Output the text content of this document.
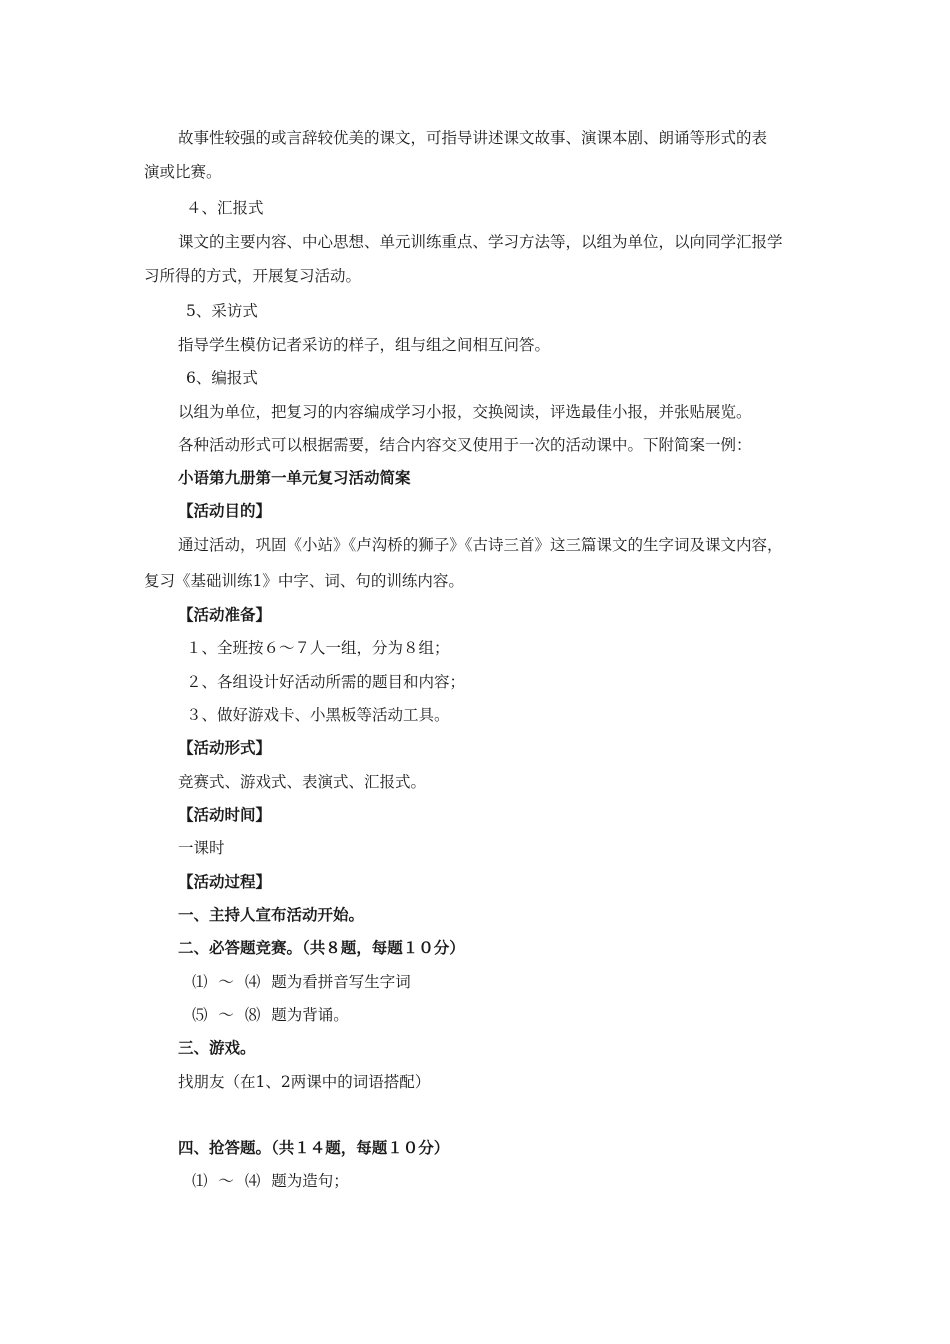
故事性较强的或言辞较优美的课文，可指导讲述课文故事、演课本剧、朗诵等形式的表
演或比赛。
４、汇报式
课文的主要内容、中心思想、单元训练重点、学习方法等，以组为单位，以向同学汇报学
习所得的方式，开展复习活动。
5、采访式
指导学生模仿记者采访的样子，组与组之间相互问答。
6、编报式
以组为单位，把复习的内容编成学习小报，交换阅读，评选最佳小报，并张贴展览。
各种活动形式可以根据需要，结合内容交叉使用于一次的活动课中。下附简案一例：
小语第九册第一单元复习活动简案
【活动目的】
通过活动，巩固《小站》《卢沟桥的狮子》《古诗三首》这三篇课文的生字词及课文内容，
复习《基础训练1》中字、词、句的训练内容。
【活动准备】
１、全班按６～７人一组，分为８组；
２、各组设计好活动所需的题目和内容；
３、做好游戏卡、小黑板等活动工具。
【活动形式】
竞赛式、游戏式、表演式、汇报式。
【活动时间】
一课时
【活动过程】
一、主持人宣布活动开始。
二、必答题竞赛。（共８题，每题１０分）
⑴ ～ ⑷ 题为看拼音写生字词
⑸ ～ ⑻ 题为背诵。
三、游戏。
找朋友（在1、2两课中的词语搭配）
四、抢答题。（共１４题，每题１０分）
⑴ ～ ⑷ 题为造句；
